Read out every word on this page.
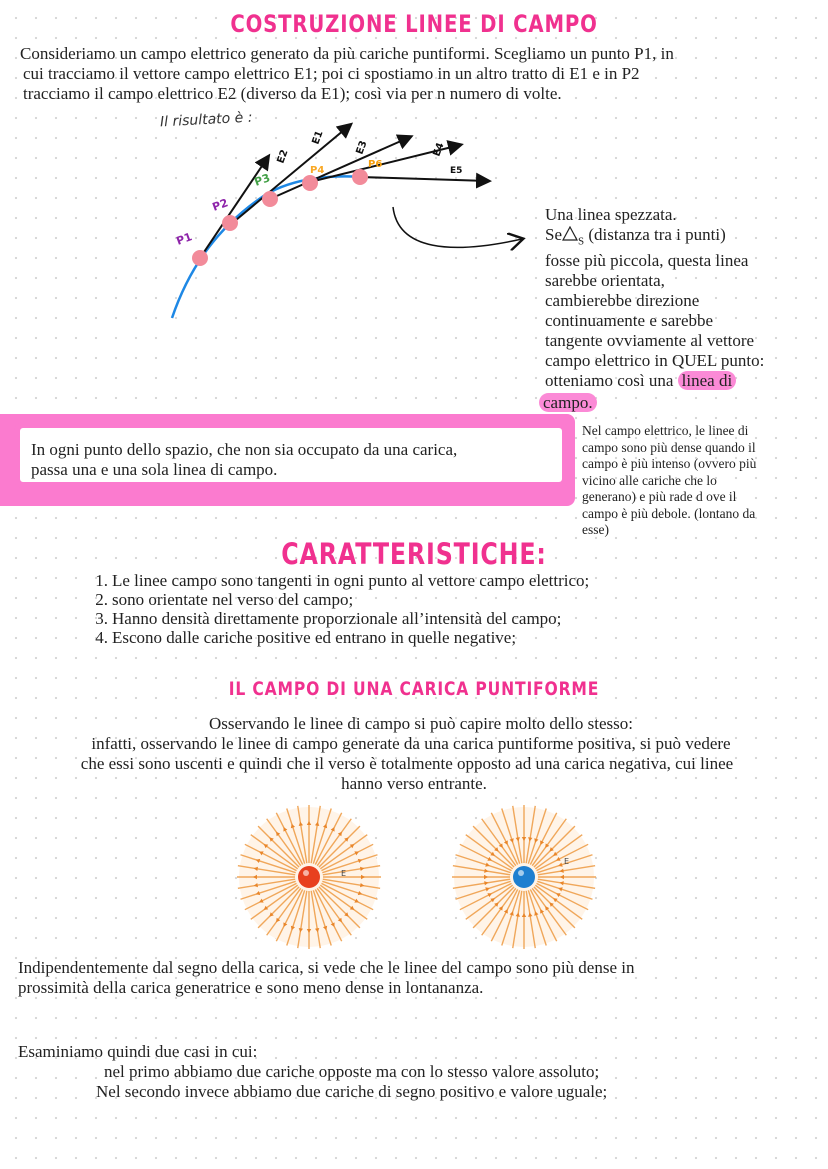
COSTRUZIONE LINEE DI CAMPO
Consideriamo un campo elettrico generato da più cariche puntiformi. Scegliamo un punto P1, in
cui tracciamo il vettore campo elettrico E1; poi ci spostiamo in un altro tratto di E1 e in P2
tracciamo il campo elettrico E2 (diverso da E1); così via per n numero di volte.
Il risultato è :
P1
P2
P3
P4
P6
E1
E2
E3	E4
E5
Una linea spezzata.
Se $_S$ (distanza tra i punti)
fosse più piccola, questa linea
sarebbe orientata,
cambierebbe direzione
continuamente e sarebbe
tangente ovviamente al vettore
campo elettrico in QUEL punto:
otteniamo così una linea di
campo.
In ogni punto dello spazio, che non sia occupato da una carica,
passa una e una sola linea di campo.
Nel campo elettrico, le linee di
campo sono più dense quando il
campo è più intenso (ovvero più
vicino alle cariche che lo
generano) e più rade d ove il
campo è più debole. (lontano da
esse)
CARATTERISTICHE:
1. Le linee campo sono tangenti in ogni punto al vettore campo elettrico;
2. sono orientate nel verso del campo;
3. Hanno densità direttamente proporzionale all’intensità del campo;
4. Escono dalle cariche positive ed entrano in quelle negative;
IL CAMPO DI UNA CARICA PUNTIFORME
Osservando le linee di campo si può capire molto dello stesso:
infatti, osservando le linee di campo generate da una carica puntiforme positiva, si può vedere
che essi sono uscenti e quindi che il verso è totalmente opposto ad una carica negativa, cui linee
hanno verso entrante.
E
E
Indipendentemente dal segno della carica, si vede che le linee del campo sono più dense in
prossimità della carica generatrice e sono meno dense in lontananza.
Esaminiamo quindi due casi in cui:
nel primo abbiamo due cariche opposte ma con lo stesso valore assoluto;
Nel secondo invece abbiamo due cariche di segno positivo e valore uguale;
